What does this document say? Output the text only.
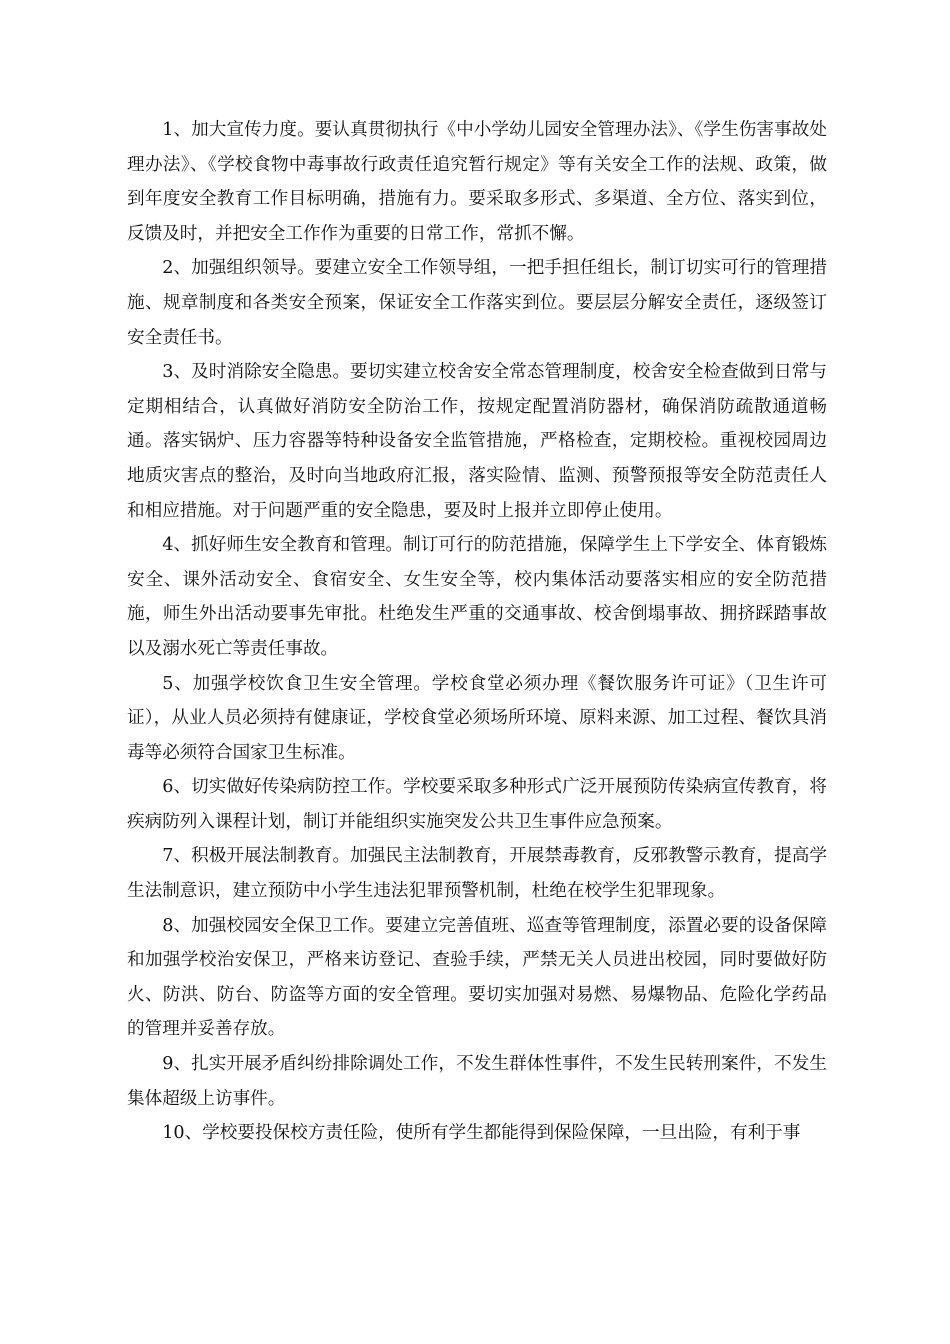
1、加大宣传力度。要认真贯彻执行《中小学幼儿园安全管理办法》、《学生伤害事故处理办法》、《学校食物中毒事故行政责任追究暂行规定》等有关安全工作的法规、政策，做到年度安全教育工作目标明确，措施有力。要采取多形式、多渠道、全方位、落实到位，反馈及时，并把安全工作作为重要的日常工作，常抓不懈。

2、加强组织领导。要建立安全工作领导组，一把手担任组长，制订切实可行的管理措施、规章制度和各类安全预案，保证安全工作落实到位。要层层分解安全责任，逐级签订安全责任书。

3、及时消除安全隐患。要切实建立校舍安全常态管理制度，校舍安全检查做到日常与定期相结合，认真做好消防安全防治工作，按规定配置消防器材，确保消防疏散通道畅通。落实锅炉、压力容器等特种设备安全监管措施，严格检查，定期校检。重视校园周边地质灾害点的整治，及时向当地政府汇报，落实险情、监测、预警预报等安全防范责任人和相应措施。对于问题严重的安全隐患，要及时上报并立即停止使用。

4、抓好师生安全教育和管理。制订可行的防范措施，保障学生上下学安全、体育锻炼安全、课外活动安全、食宿安全、女生安全等，校内集体活动要落实相应的安全防范措施，师生外出活动要事先审批。杜绝发生严重的交通事故、校舍倒塌事故、拥挤踩踏事故以及溺水死亡等责任事故。

5、加强学校饮食卫生安全管理。学校食堂必须办理《餐饮服务许可证》（卫生许可证），从业人员必须持有健康证，学校食堂必须场所环境、原料来源、加工过程、餐饮具消毒等必须符合国家卫生标准。

6、切实做好传染病防控工作。学校要采取多种形式广泛开展预防传染病宣传教育，将疾病防列入课程计划，制订并能组织实施突发公共卫生事件应急预案。

7、积极开展法制教育。加强民主法制教育，开展禁毒教育，反邪教警示教育，提高学生法制意识，建立预防中小学生违法犯罪预警机制，杜绝在校学生犯罪现象。

8、加强校园安全保卫工作。要建立完善值班、巡查等管理制度，添置必要的设备保障和加强学校治安保卫，严格来访登记、查验手续，严禁无关人员进出校园，同时要做好防火、防洪、防台、防盗等方面的安全管理。要切实加强对易燃、易爆物品、危险化学药品的管理并妥善存放。

9、扎实开展矛盾纠纷排除调处工作，不发生群体性事件，不发生民转刑案件，不发生集体超级上访事件。

10、学校要投保校方责任险，使所有学生都能得到保险保障，一旦出险，有利于事
